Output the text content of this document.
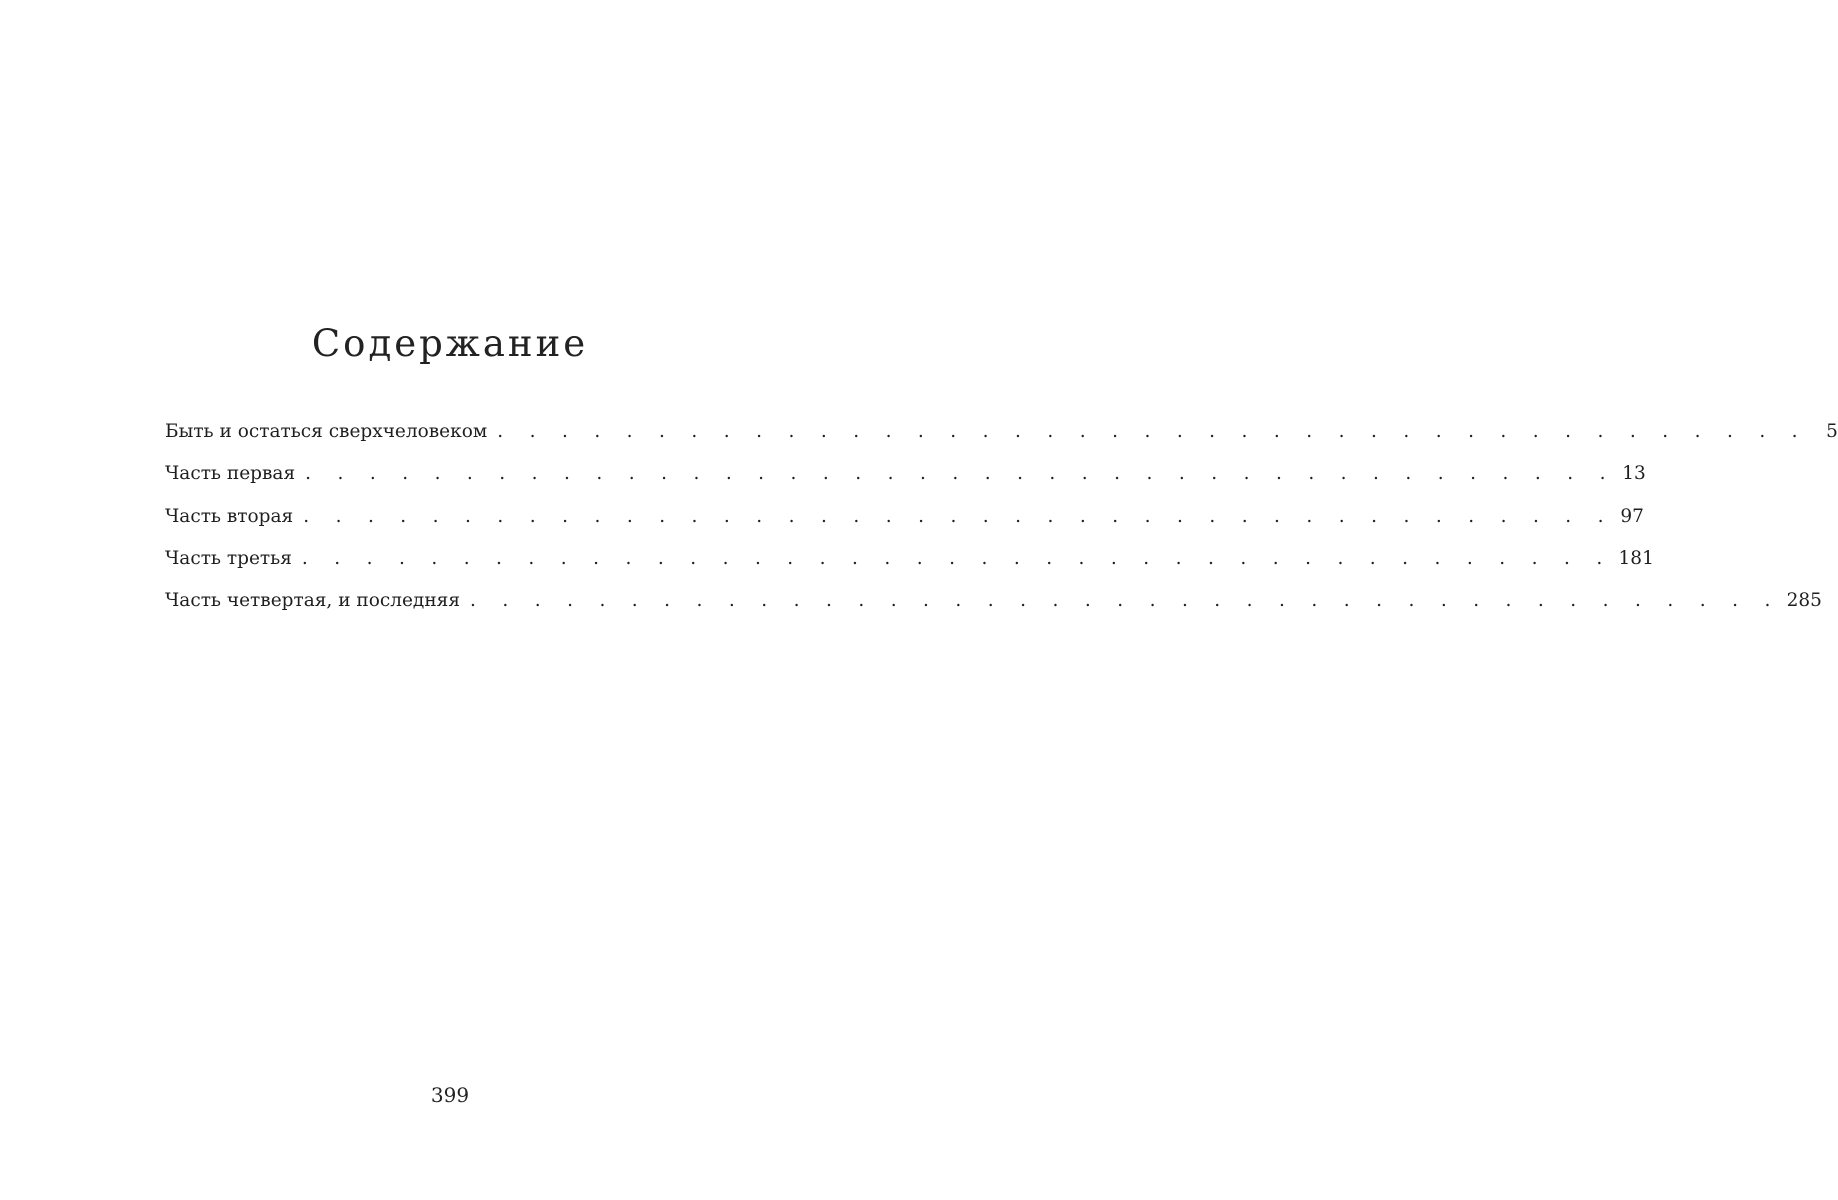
Содержание
Быть и остаться сверхчеловеком . . . . . . . . . . . . . . . . . . . . . . . . . . . . . . . . . . . . . . . . . 5
Часть первая . . . . . . . . . . . . . . . . . . . . . . . . . . . . . . . . . . . . . . . . . 13
Часть вторая . . . . . . . . . . . . . . . . . . . . . . . . . . . . . . . . . . . . . . . . . 97
Часть третья . . . . . . . . . . . . . . . . . . . . . . . . . . . . . . . . . . . . . . . . . 181
Часть четвертая, и последняя . . . . . . . . . . . . . . . . . . . . . . . . . . . . . . . . . . . . . . . . . 285
399
